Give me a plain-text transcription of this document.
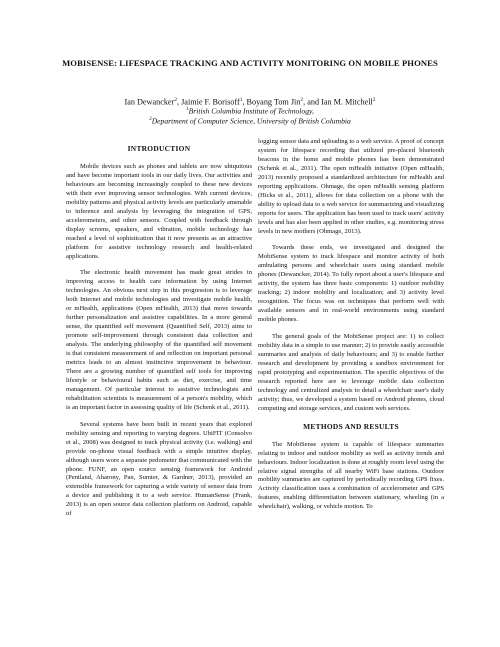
MOBISENSE: LIFESPACE TRACKING AND ACTIVITY MONITORING ON MOBILE PHONES
Ian Dewancker$^2$, Jaimie F. Borisoff$^1$, Boyang Tom Jin$^2$, and Ian M. Mitchell$^2$
$^1$British Columbia Institute of Technology,
$^2$Department of Computer Science, University of British Columbia
INTRODUCTION

Mobile devices such as phones and tablets are now ubiquitous and have become important tools in our daily lives. Our activities and behaviours are becoming increasingly coupled to these new devices with their ever improving sensor technologies. With current devices, mobility patterns and physical activity levels are particularly amenable to inference and analysis by leveraging the integration of GPS, accelerometers, and other sensors. Coupled with feedback through display screens, speakers, and vibration, mobile technology has reached a level of sophistication that it now presents as an attractive platform for assistive technology research and health-related applications.

The electronic health movement has made great strides in improving access to health care information by using Internet technologies. An obvious next step in this progression is to leverage both Internet and mobile technologies and investigate mobile health, or mHealth, applications (Open mHealth, 2013) that move towards further personalization and assistive capabilities. In a more general sense, the quantified self movement (Quantified Self, 2013) aims to promote self-improvement through consistent data collection and analysis. The underlying philosophy of the quantified self movement is that consistent measurement of and reflection on important personal metrics leads to an almost instinctive improvement in behaviour. There are a growing number of quantified self tools for improving lifestyle or behavioural habits such as diet, exercise, and time management. Of particular interest to assistive technologists and rehabilitation scientists is measurement of a person's mobility, which is an important factor in assessing quality of life (Schenk et al., 2011).

Several systems have been built in recent years that explored mobility sensing and reporting to varying degrees. UbiFIT (Consolvo et al., 2008) was designed to track physical activity (i.e. walking) and provide on-phone visual feedback with a simple intuitive display, although users wore a separate pedometer that communicated with the phone. FUNF, an open source sensing framework for Android (Pentland, Aharony, Pan, Sumter, & Gardner, 2013), provided an extensible framework for capturing a wide variety of sensor data from a device and publishing it to a web service. HumanSense (Frank, 2013) is an open source data collection platform on Android, capable of

logging sensor data and uploading to a web service. A proof of concept system for lifespace recording that utilized pre-placed bluetooth beacons in the home and mobile phones has been demonstrated (Schenk et al., 2011). The open mHealth initiative (Open mHealth, 2013) recently proposed a standardized architecture for mHealth and reporting applications. Ohmage, the open mHealth sensing platform (Hicks et al., 2011), allows for data collection on a phone with the ability to upload data to a web service for summarizing and visualizing reports for users. The application has been used to track users' activity levels and has also been applied in other studies, e.g. monitoring stress levels in new mothers (Ohmage, 2013).

Towards these ends, we investigated and designed the MobiSense system to track lifespace and monitor activity of both ambulating persons and wheelchair users using standard mobile phones (Dewancker, 2014). To fully report about a user's lifespace and activity, the system has three basic components: 1) outdoor mobility tracking; 2) indoor mobility and localization; and 3) activity level recognition. The focus was on techniques that perform well with available sensors and in real-world environments using standard mobile phones.

The general goals of the MobiSense project are: 1) to collect mobility data in a simple to use manner; 2) to provide easily accessible summaries and analysis of daily behaviours; and 3) to enable further research and development by providing a sandbox environment for rapid prototyping and experimentation. The specific objectives of the research reported here are to leverage mobile data collection technology and centralized analysis to detail a wheelchair user's daily activity; thus, we developed a system based on Android phones, cloud computing and storage services, and custom web services.

METHODS AND RESULTS

The MobiSense system is capable of lifespace summaries relating to indoor and outdoor mobility as well as activity trends and behaviours. Indoor localization is done at roughly room level using the relative signal strengths of all nearby WiFi base stations. Outdoor mobility summaries are captured by periodically recording GPS fixes. Activity classification uses a combination of accelerometer and GPS features, enabling differentiation between stationary, wheeling (in a wheelchair), walking, or vehicle motion. To
